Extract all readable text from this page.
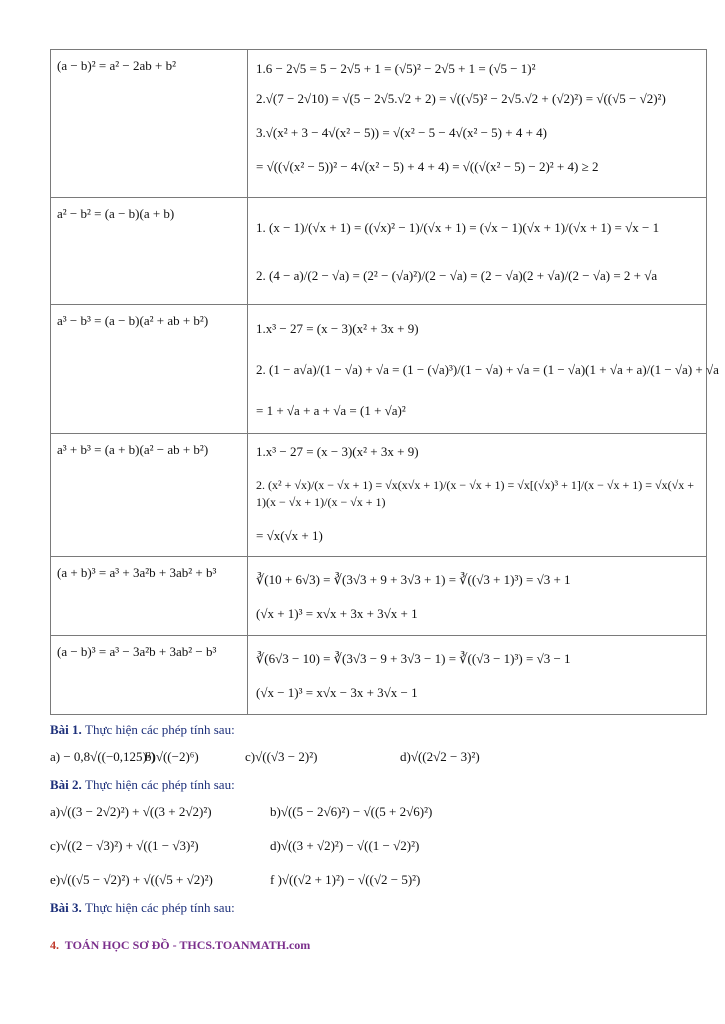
(a − b)² = a² − 2ab + b²	1.6 − 2√5 = 5 − 2√5 + 1 = (√5)² − 2√5 + 1 = (√5 − 1)²
2.√(7 − 2√10) = √(5 − 2√5.√2 + 2) = √((√5)² − 2√5.√2 + (√2)²) = √((√5 − √2)²)
3.√(x² + 3 − 4√(x² − 5)) = √(x² − 5 − 4√(x² − 5) + 4 + 4)
= √((√(x² − 5))² − 4√(x² − 5) + 4 + 4) = √((√(x² − 5) − 2)² + 4) ≥ 2

a² − b² = (a − b)(a + b)	1. (x − 1)/(√x + 1) = ((√x)² − 1)/(√x + 1) = (√x − 1)(√x + 1)/(√x + 1) = √x − 1
2. (4 − a)/(2 − √a) = (2² − (√a)²)/(2 − √a) = (2 − √a)(2 + √a)/(2 − √a) = 2 + √a

a³ − b³ = (a − b)(a² + ab + b²)	1.x³ − 27 = (x − 3)(x² + 3x + 9)
2. (1 − a√a)/(1 − √a) + √a = (1 − (√a)³)/(1 − √a) + √a = (1 − √a)(1 + √a + a)/(1 − √a) + √a
= 1 + √a + a + √a = (1 + √a)²

a³ + b³ = (a + b)(a² − ab + b²)	1.x³ − 27 = (x − 3)(x² + 3x + 9)
2. (x² + √x)/(x − √x + 1) = √x(x√x + 1)/(x − √x + 1) = √x[(√x)³ + 1]/(x − √x + 1) = √x(√x + 1)(x − √x + 1)/(x − √x + 1)
= √x(√x + 1)

(a + b)³ = a³ + 3a²b + 3ab² + b³	∛(10 + 6√3) = ∛(3√3 + 9 + 3√3 + 1) = ∛((√3 + 1)³) = √3 + 1
(√x + 1)³ = x√x + 3x + 3√x + 1

(a − b)³ = a³ − 3a²b + 3ab² − b³	∛(6√3 − 10) = ∛(3√3 − 9 + 3√3 − 1) = ∛((√3 − 1)³) = √3 − 1
(√x − 1)³ = x√x − 3x + 3√x − 1
Bài 1.
Thực hiện các phép tính sau:
a) − 0,8√((−0,125)²)
b)√((−2)⁶)	c)√((√3 − 2)²)	d)√((2√2 − 3)²)
Bài 2.
Thực hiện các phép tính sau:
a)√((3 − 2√2)²) + √((3 + 2√2)²)	b)√((5 − 2√6)²) − √((5 + 2√6)²)
c)√((2 − √3)²) + √((1 − √3)²)	d)√((3 + √2)²) − √((1 − √2)²)
e)√((√5 − √2)²) + √((√5 + √2)²)	f )√((√2 + 1)²) − √((√2 − 5)²)
Bài 3.
Thực hiện các phép tính sau:
4. TOÁN HỌC SƠ ĐỒ - THCS.TOANMATH.com
